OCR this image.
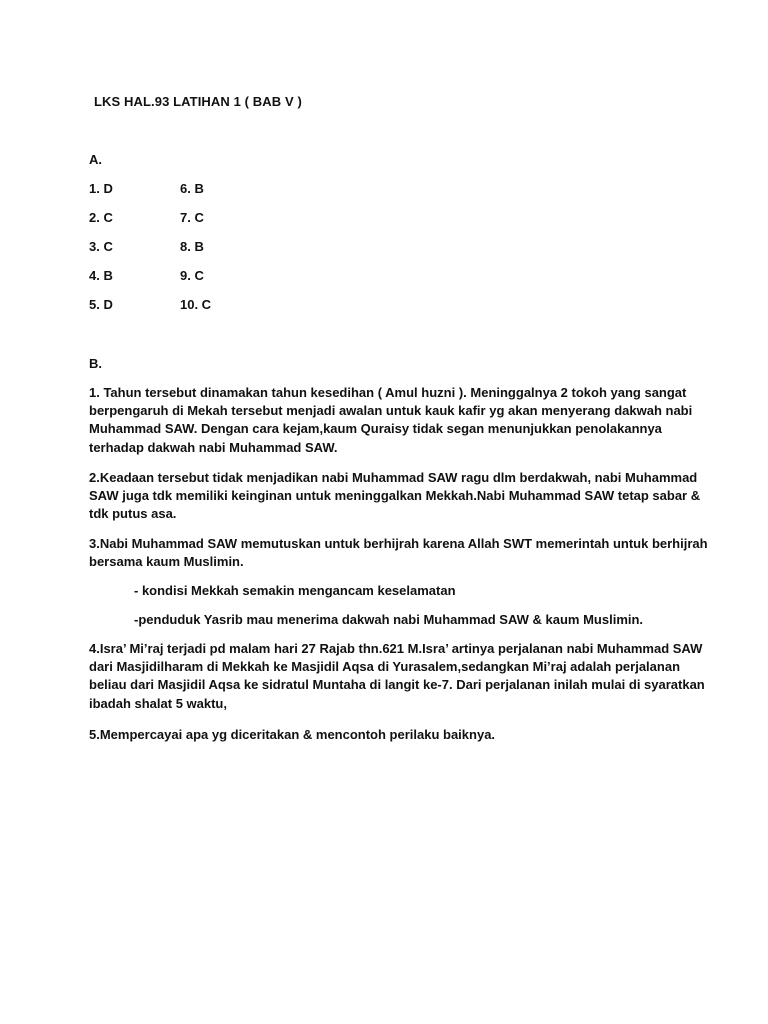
LKS HAL.93 LATIHAN 1 ( BAB V )
A.
1. D	6. B
2. C	7. C
3. C	8. B
4. B	9. C
5. D	10. C
B.
1. Tahun tersebut dinamakan tahun kesedihan ( Amul huzni ). Meninggalnya 2 tokoh yang sangat
berpengaruh di Mekah tersebut menjadi awalan untuk kauk kafir yg akan menyerang dakwah nabi
Muhammad SAW. Dengan cara kejam,kaum Quraisy tidak segan menunjukkan penolakannya
terhadap dakwah nabi Muhammad SAW.
2.Keadaan tersebut tidak menjadikan nabi Muhammad SAW ragu dlm berdakwah, nabi Muhammad
SAW juga tdk memiliki keinginan untuk meninggalkan Mekkah.Nabi Muhammad SAW tetap sabar &
tdk putus asa.
3.Nabi Muhammad SAW memutuskan untuk berhijrah karena Allah SWT memerintah untuk berhijrah
bersama kaum Muslimin.
- kondisi Mekkah semakin mengancam keselamatan
-penduduk Yasrib mau menerima dakwah nabi Muhammad SAW & kaum Muslimin.
4.Isra’ Mi’raj terjadi pd malam hari 27 Rajab thn.621 M.Isra’ artinya perjalanan nabi Muhammad SAW
dari Masjidilharam di Mekkah ke Masjidil Aqsa di Yurasalem,sedangkan Mi’raj adalah perjalanan
beliau dari Masjidil Aqsa ke sidratul Muntaha di langit ke-7. Dari perjalanan inilah mulai di syaratkan
ibadah shalat 5 waktu,
5.Mempercayai apa yg diceritakan & mencontoh perilaku baiknya.
